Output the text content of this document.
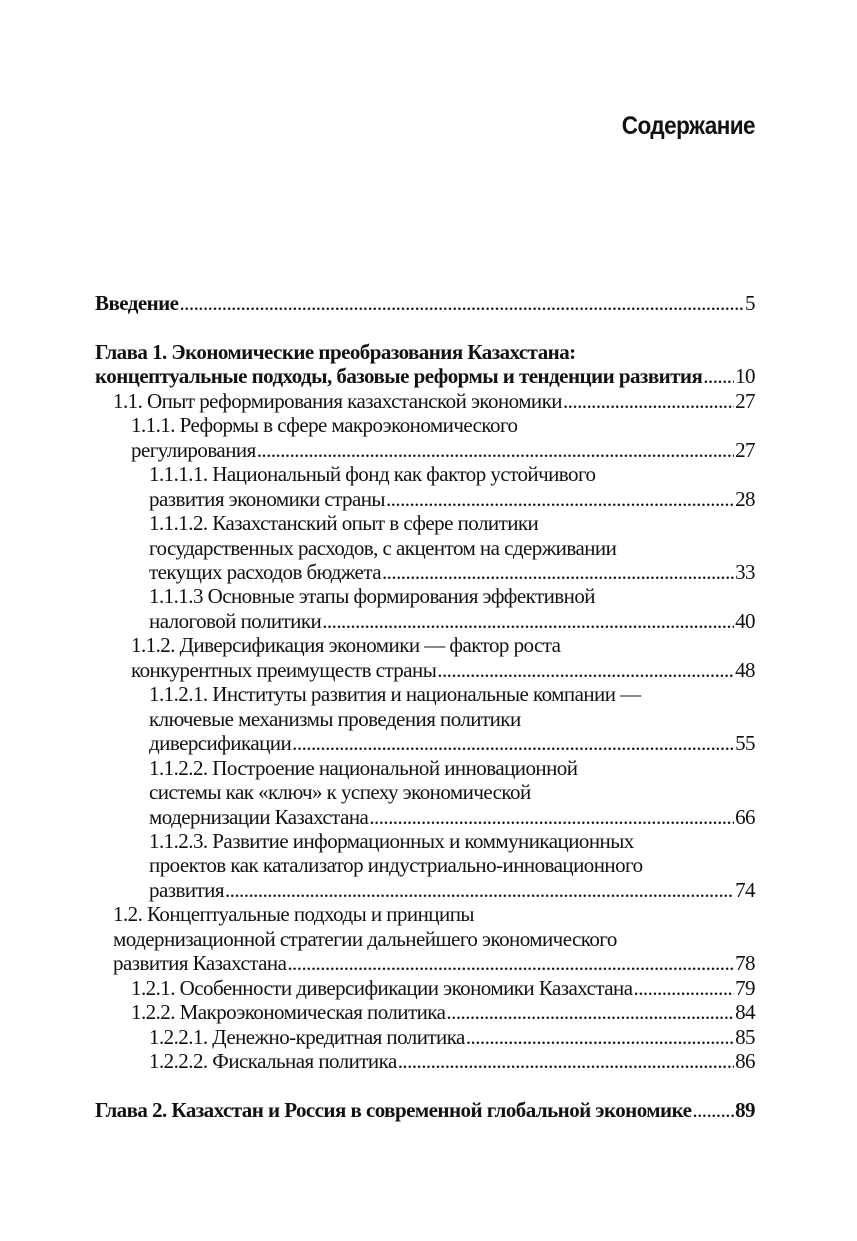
Содержание
Введение .....	5
Глава 1. Экономические преобразования Казахстана:
концептуальные подходы, базовые реформы и тенденции развития ..... 10
1.1. Опыт реформирования казахстанской экономики .....	27
1.1.1. Реформы в сфере макроэкономического
регулирования .....	27
1.1.1.1. Национальный фонд как фактор устойчивого
развития экономики страны .....	28
1.1.1.2. Казахстанский опыт в сфере политики
государственных расходов, с акцентом на сдерживании
текущих расходов бюджета .....	33
1.1.1.3 Основные этапы формирования эффективной
налоговой политики .....	40
1.1.2. Диверсификация экономики — фактор роста
конкурентных преимуществ страны .....	48
1.1.2.1. Институты развития и национальные компании —
ключевые механизмы проведения политики
диверсификации .....	55
1.1.2.2. Построение национальной инновационной
системы как «ключ» к успеху экономической
модернизации Казахстана .....	66
1.1.2.3. Развитие информационных и коммуникационных
проектов как катализатор индустриально-инновационного
развития .....	74
1.2. Концептуальные подходы и принципы
модернизационной стратегии дальнейшего экономического
развития Казахстана .....	78
1.2.1. Особенности диверсификации экономики Казахстана .....	79
1.2.2. Макроэкономическая политика .....	84
1.2.2.1. Денежно-кредитная политика .....	85
1.2.2.2. Фискальная политика .....	86
Глава 2. Казахстан и Россия в современной глобальной экономике ..... 89
